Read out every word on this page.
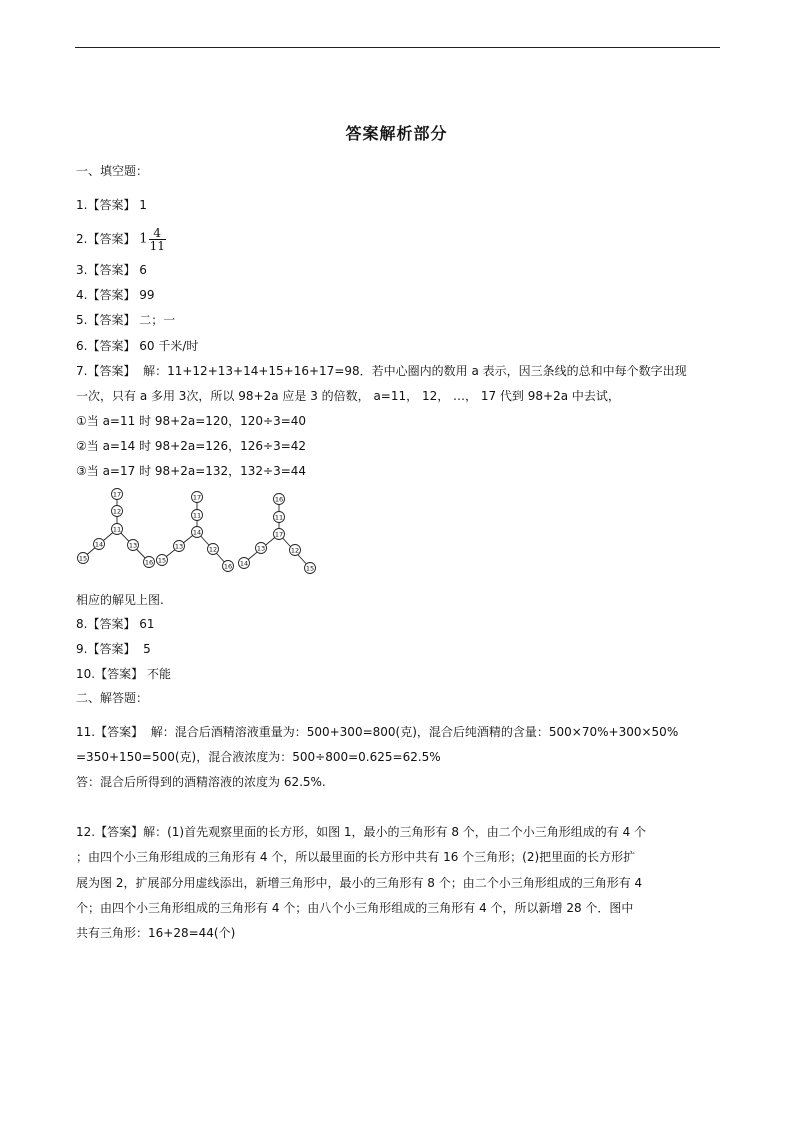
答案解析部分
一、填空题：
1.【答案】 1
2.【答案】 $1 \frac{4}{11}$
3.【答案】 6
4.【答案】 99
5.【答案】 二；一
6.【答案】 60 千米/时
7.【答案】  解：11+12+13+14+15+16+17=98．若中心圈内的数用 a 表示，因三条线的总和中每个数字出现
一次，只有 a 多用 3次，所以 98+2a 应是 3 的倍数， a=11， 12， …， 17 代到 98+2a 中去试，
①当 a=11 时 98+2a=120，120÷3=40
②当 a=14 时 98+2a=126，126÷3=42
③当 a=17 时 98+2a=132，132÷3=44
17
12
11
14
15
13
16
17
11
14
13
15
12
16
16
11
17
13
14
12
15
相应的解见上图.
8.【答案】 61
9.【答案】  5
10.【答案】 不能
二、解答题：
11.【答案】  解：混合后酒精溶液重量为：500+300=800(克)，混合后纯酒精的含量：500×70%+300×50%
=350+150=500(克)，混合液浓度为：500÷800=0.625=62.5%
答：混合后所得到的酒精溶液的浓度为 62.5%.
12.【答案】解：(1)首先观察里面的长方形，如图 1，最小的三角形有 8 个，由二个小三角形组成的有 4 个
；由四个小三角形组成的三角形有 4 个，所以最里面的长方形中共有 16 个三角形；(2)把里面的长方形扩
展为图 2，扩展部分用虚线添出，新增三角形中，最小的三角形有 8 个；由二个小三角形组成的三角形有 4
个；由四个小三角形组成的三角形有 4 个；由八个小三角形组成的三角形有 4 个，所以新增 28 个．图中
共有三角形：16+28=44(个)
